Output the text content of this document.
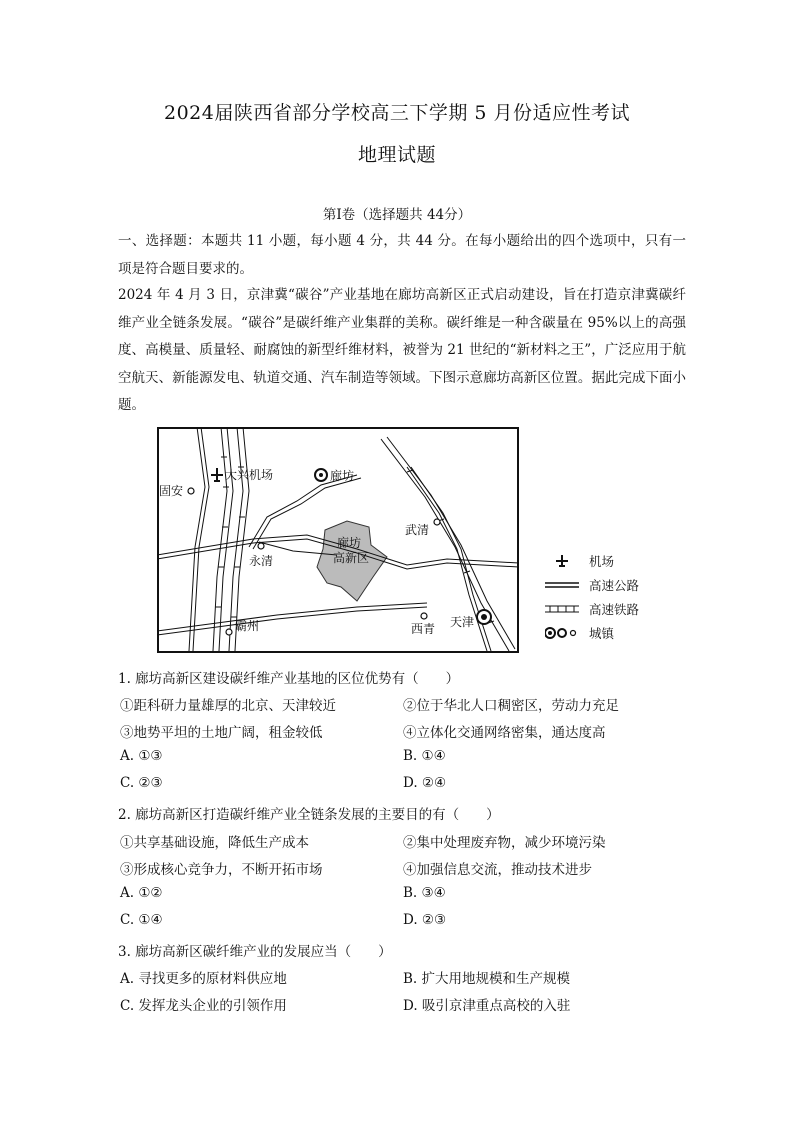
2024届陕西省部分学校高三下学期 5 月份适应性考试
地理试题
第Ⅰ卷（选择题共 44分）
一、选择题：本题共 11 小题，每小题 4 分，共 44 分。在每小题给出的四个选项中，只有一项是符合题目要求的。
2024 年 4 月 3 日，京津冀“碳谷”产业基地在廊坊高新区正式启动建设，旨在打造京津冀碳纤维产业全链条发展。“碳谷”是碳纤维产业集群的美称。碳纤维是一种含碳量在 95%以上的高强度、高模量、质量轻、耐腐蚀的新型纤维材料，被誉为 21 世纪的“新材料之王”，广泛应用于航空航天、新能源发电、轨道交通、汽车制造等领域。下图示意廊坊高新区位置。据此完成下面小题。
固安
大兴机场	廊坊
永清
廊坊
高新区
武清
霸州	西青 天津
机场
高速公路
高速铁路
城镇
1. 廊坊高新区建设碳纤维产业基地的区位优势有（　　）
①距科研力量雄厚的北京、天津较近	②位于华北人口稠密区，劳动力充足
③地势平坦的土地广阔，租金较低	④立体化交通网络密集，通达度高
A. ①③	B. ①④
C. ②③	D. ②④
2. 廊坊高新区打造碳纤维产业全链条发展的主要目的有（　　）
①共享基础设施，降低生产成本	②集中处理废弃物，减少环境污染
③形成核心竞争力，不断开拓市场	④加强信息交流，推动技术进步
A. ①②	B. ③④
C. ①④	D. ②③
3. 廊坊高新区碳纤维产业的发展应当（　　）
A. 寻找更多的原材料供应地	B. 扩大用地规模和生产规模
C. 发挥龙头企业的引领作用	D. 吸引京津重点高校的入驻
